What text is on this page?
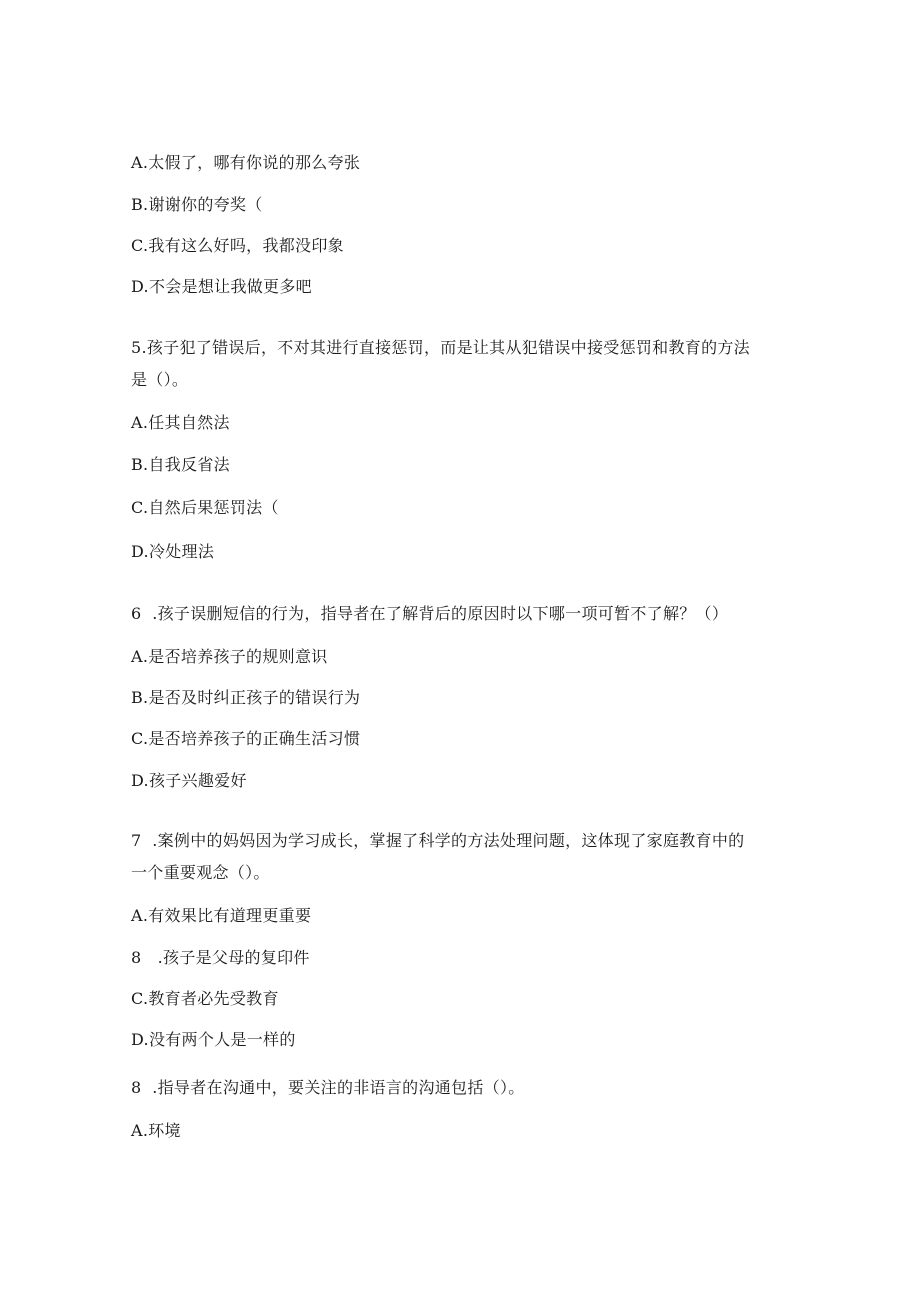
A.太假了，哪有你说的那么夸张
B.谢谢你的夸奖（
C.我有这么好吗，我都没印象
D.不会是想让我做更多吧
5.孩子犯了错误后，不对其进行直接惩罚，而是让其从犯错误中接受惩罚和教育的方法
是（）。
A.任其自然法
B.自我反省法
C.自然后果惩罚法（
D.冷处理法
6  .孩子误删短信的行为，指导者在了解背后的原因时以下哪一项可暂不了解？（）
A.是否培养孩子的规则意识
B.是否及时纠正孩子的错误行为
C.是否培养孩子的正确生活习惯
D.孩子兴趣爱好
7  .案例中的妈妈因为学习成长，掌握了科学的方法处理问题，这体现了家庭教育中的
一个重要观念（）。
A.有效果比有道理更重要
8   .孩子是父母的复印件
C.教育者必先受教育
D.没有两个人是一样的
8  .指导者在沟通中，要关注的非语言的沟通包括（）。
A.环境
